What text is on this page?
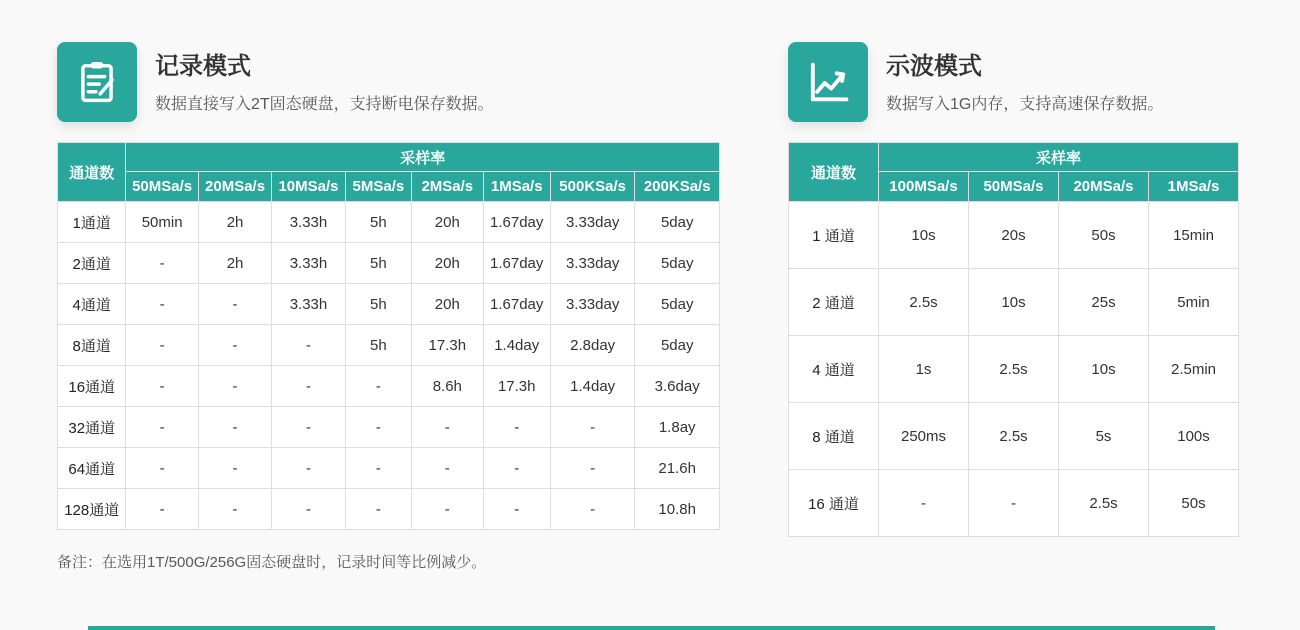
记录模式

数据直接写入2T固态硬盘，支持断电保存数据。

通道数	采样率							
	50MSa/s	20MSa/s	10MSa/s	5MSa/s	2MSa/s	1MSa/s	500KSa/s	200KSa/s
1通道	50min	2h	3.33h	5h	20h	1.67day	3.33day	5day
2通道	-	2h	3.33h	5h	20h	1.67day	3.33day	5day
4通道	-	-	3.33h	5h	20h	1.67day	3.33day	5day
8通道	-	-	-	5h	17.3h	1.4day	2.8day	5day
16通道	-	-	-	-	8.6h	17.3h	1.4day	3.6day
32通道	-	-	-	-	-	-	-	1.8ay
64通道	-	-	-	-	-	-	-	21.6h
128通道	-	-	-	-	-	-	-	10.8h

备注：在选用1T/500G/256G固态硬盘时，记录时间等比例减少。

示波模式

数据写入1G内存，支持高速保存数据。

通道数	采样率			
	100MSa/s	50MSa/s	20MSa/s	1MSa/s
1 通道	10s	20s	50s	15min
2 通道	2.5s	10s	25s	5min
4 通道	1s	2.5s	10s	2.5min
8 通道	250ms	2.5s	5s	100s
16 通道	-	-	2.5s	50s
